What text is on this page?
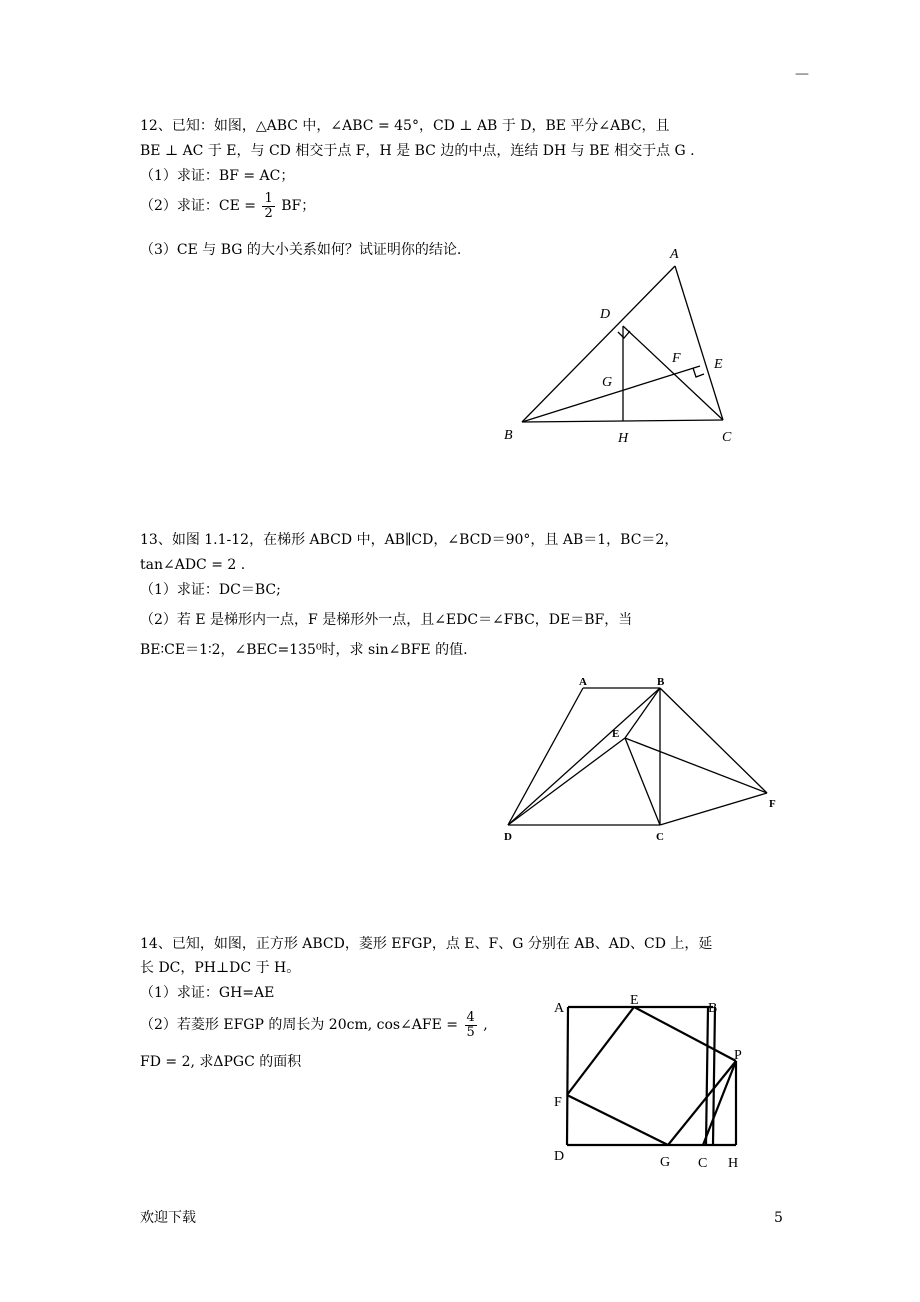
—
12、已知：如图，△ABC 中，∠ABC = 45°，CD ⊥ AB 于 D，BE 平分∠ABC，且
BE ⊥ AC 于 E，与 CD 相交于点 F，H 是 BC 边的中点，连结 DH 与 BE 相交于点 G .
（1）求证：BF = AC；
（2）求证：CE = $\frac{1}{2}$ BF；
（3）CE 与 BG 的大小关系如何？试证明你的结论.	A
D
F E
G
B	H	C
13、如图 1.1-12，在梯形 ABCD 中，AB∥CD，∠BCD＝90°，且 AB＝1，BC＝2，
tan∠ADC = 2 .
（1）求证：DC＝BC;
（2）若 E 是梯形内一点，F 是梯形外一点，且∠EDC＝∠FBC，DE＝BF，当
BE∶CE＝1∶2，∠BEC=135⁰时，求 sin∠BFE 的值.
A	B
E
F
D	C
14、已知，如图，正方形 ABCD，菱形 EFGP，点 E、F、G 分别在 AB、AD、CD 上，延
长 DC，PH⊥DC 于 H。
（1）求证：GH=AE
（2）若菱形 EFGP 的周长为 20cm, cos∠AFE = $\frac{4}{5}$ ,
FD = 2, 求ΔPGC 的面积
A
E
B
P
F
D	G C H
欢迎下载	5
